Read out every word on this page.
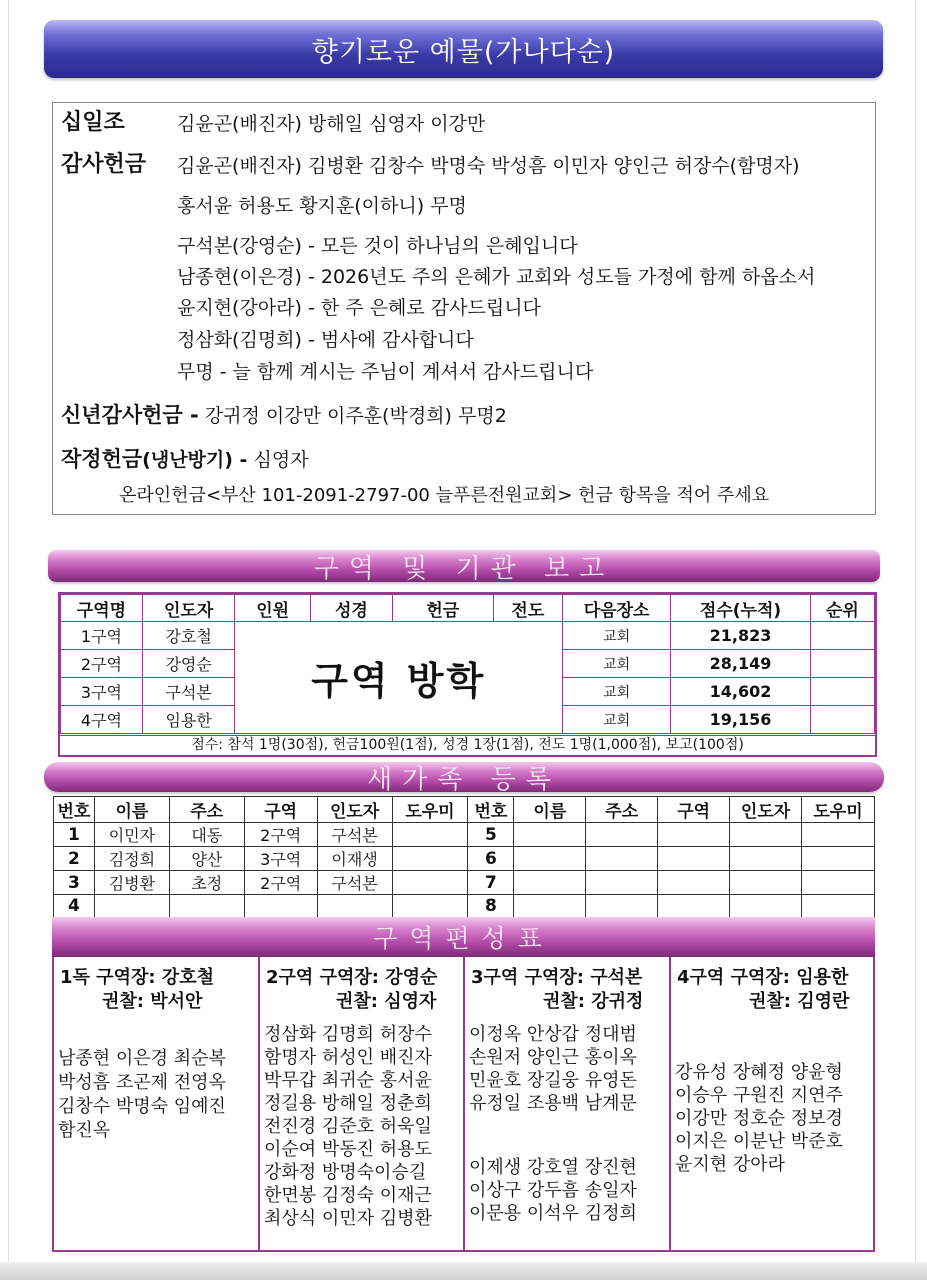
향기로운 예물(가나다순)
십일조	김윤곤(배진자) 방해일 심영자 이강만
감사헌금 김윤곤(배진자) 김병환 김창수 박명숙 박성흠 이민자 양인근 허장수(함명자)
홍서윤 허용도 황지훈(이하니) 무명
구석본(강영순) - 모든 것이 하나님의 은혜입니다
남종현(이은경) - 2026년도 주의 은혜가 교회와 성도들 가정에 함께 하옵소서
윤지현(강아라) - 한 주 은혜로 감사드립니다
정삼화(김명희) - 범사에 감사합니다
무명 - 늘 함께 계시는 주님이 계셔서 감사드립니다
신년감사헌금 - 강귀정 이강만 이주훈(박경희) 무명2
작정헌금(냉난방기) - 심영자
온라인헌금<부산 101-2091-2797-00 늘푸른전원교회> 헌금 항목을 적어 주세요
구역 및 기관 보고
구역명	인도자	인원	성경	헌금	전도	다음장소	점수(누적)	순위
1구역	강호철	구역 방학				교회	21,823	
2구역	강영순					교회	28,149	
3구역	구석본					교회	14,602	
4구역	임용한					교회	19,156	
점수: 참석 1명(30점), 헌금100원(1점), 성경 1장(1점), 전도 1명(1,000점), 보고(100점)
새가족 등록
번호	이름	주소	구역	인도자	도우미	번호	이름	주소	구역	인도자	도우미
1	이민자	대동	2구역	구석본		5					
2	김정희	양산	3구역	이재생		6					
3	김병환	초정	2구역	구석본		7					
4						8					
구역편성표
1독 구역장: 강호철
권찰: 박서안
남종현 이은경 최순복
박성흠 조곤제 전영옥
김창수 박명숙 임예진
함진옥
2구역 구역장: 강영순
권찰: 심영자
정삼화 김명희 허장수
함명자 허성인 배진자
박무갑 최귀순 홍서윤
정길용 방해일 정춘희
전진경 김준호 허욱일
이순여 박동진 허용도
강화정 방명숙이승길
한면봉 김정숙 이재근
최상식 이민자 김병환
3구역 구역장: 구석본
권찰: 강귀정
이정옥 안상갑 정대범
손원저 양인근 홍이옥
민윤호 장길웅 유영돈
유정일 조용백 남계문
이제생 강호열 장진현
이상구 강두흠 송일자
이문용 이석우 김정희
4구역 구역장: 임용한
권찰: 김영란
강유성 장혜정 양윤형
이승우 구원진 지연주
이강만 정호순 정보경
이지은 이분난 박준호
윤지현 강아라
